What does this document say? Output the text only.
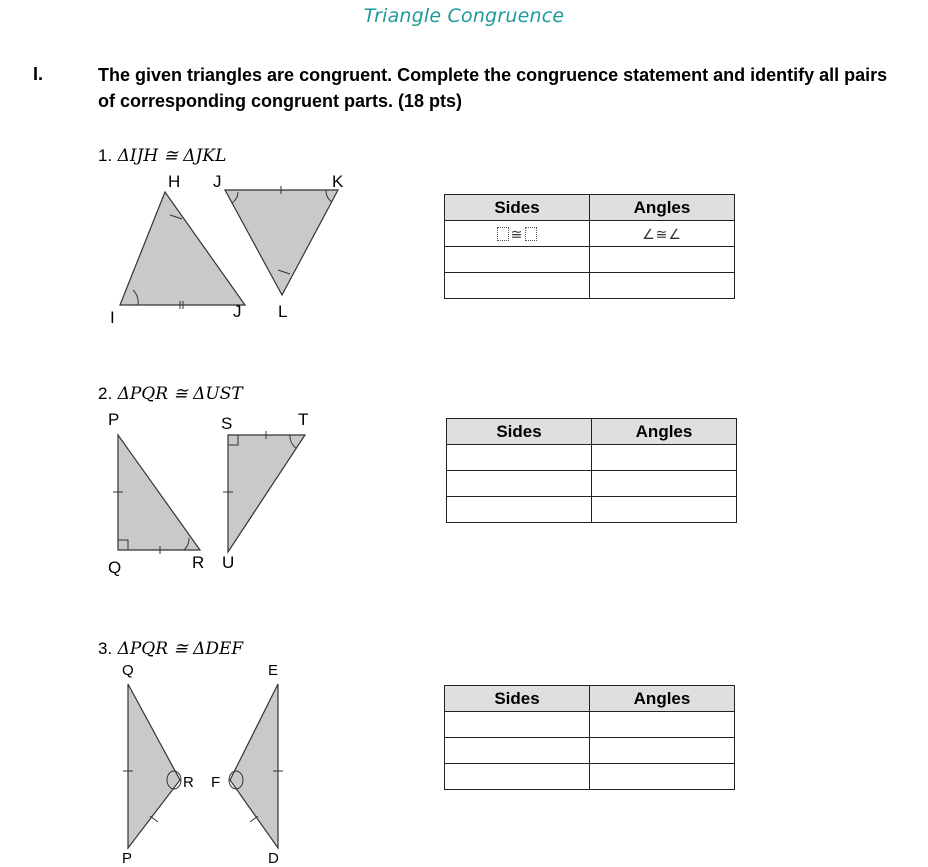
Triangle Congruence
I.	The given triangles are congruent. Complete the congruence statement and identify all pairs of corresponding congruent parts. (18 pts)
1. ΔIJH ≅ ΔJKL
H J	K
I	J L
Sides	Angles
≅	∠≅∠

2. ΔPQR ≅ ΔUST
P	S	T
Q	R U
Sides	Angles

3. ΔPQR ≅ ΔDEF
Q	E
R F
P	D
Sides	Angles
